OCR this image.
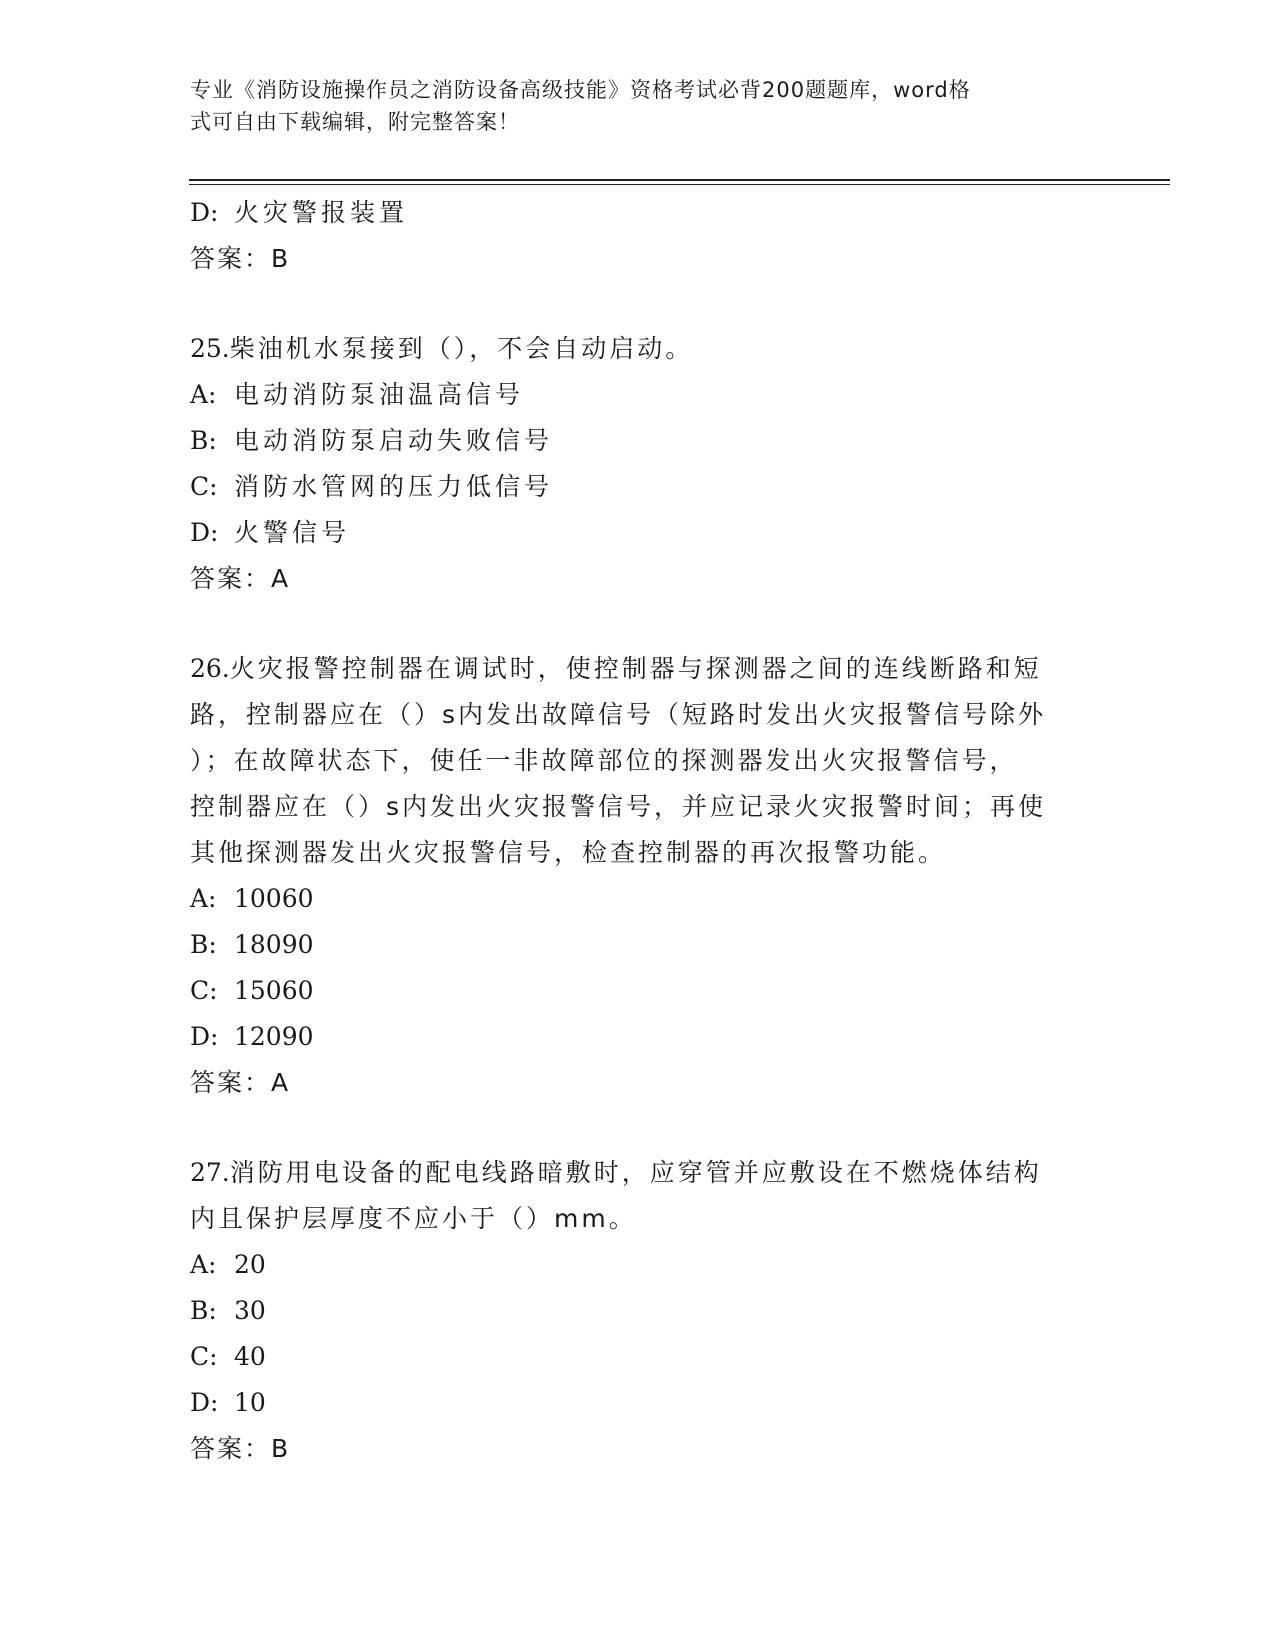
专业《消防设施操作员之消防设备高级技能》资格考试必背200题题库，word格
式可自由下载编辑，附完整答案！
D: 火灾警报装置
答案：B
25.柴油机水泵接到（），不会自动启动。
A: 电动消防泵油温高信号
B: 电动消防泵启动失败信号
C: 消防水管网的压力低信号
D: 火警信号
答案：A
26.火灾报警控制器在调试时，使控制器与探测器之间的连线断路和短
路，控制器应在（）s内发出故障信号（短路时发出火灾报警信号除外
）；在故障状态下，使任一非故障部位的探测器发出火灾报警信号，
控制器应在（）s内发出火灾报警信号，并应记录火灾报警时间；再使
其他探测器发出火灾报警信号，检查控制器的再次报警功能。
A: 10060
B: 18090
C: 15060
D: 12090
答案：A
27.消防用电设备的配电线路暗敷时，应穿管并应敷设在不燃烧体结构
内且保护层厚度不应小于（）mm。
A: 20
B: 30
C: 40
D: 10
答案：B
